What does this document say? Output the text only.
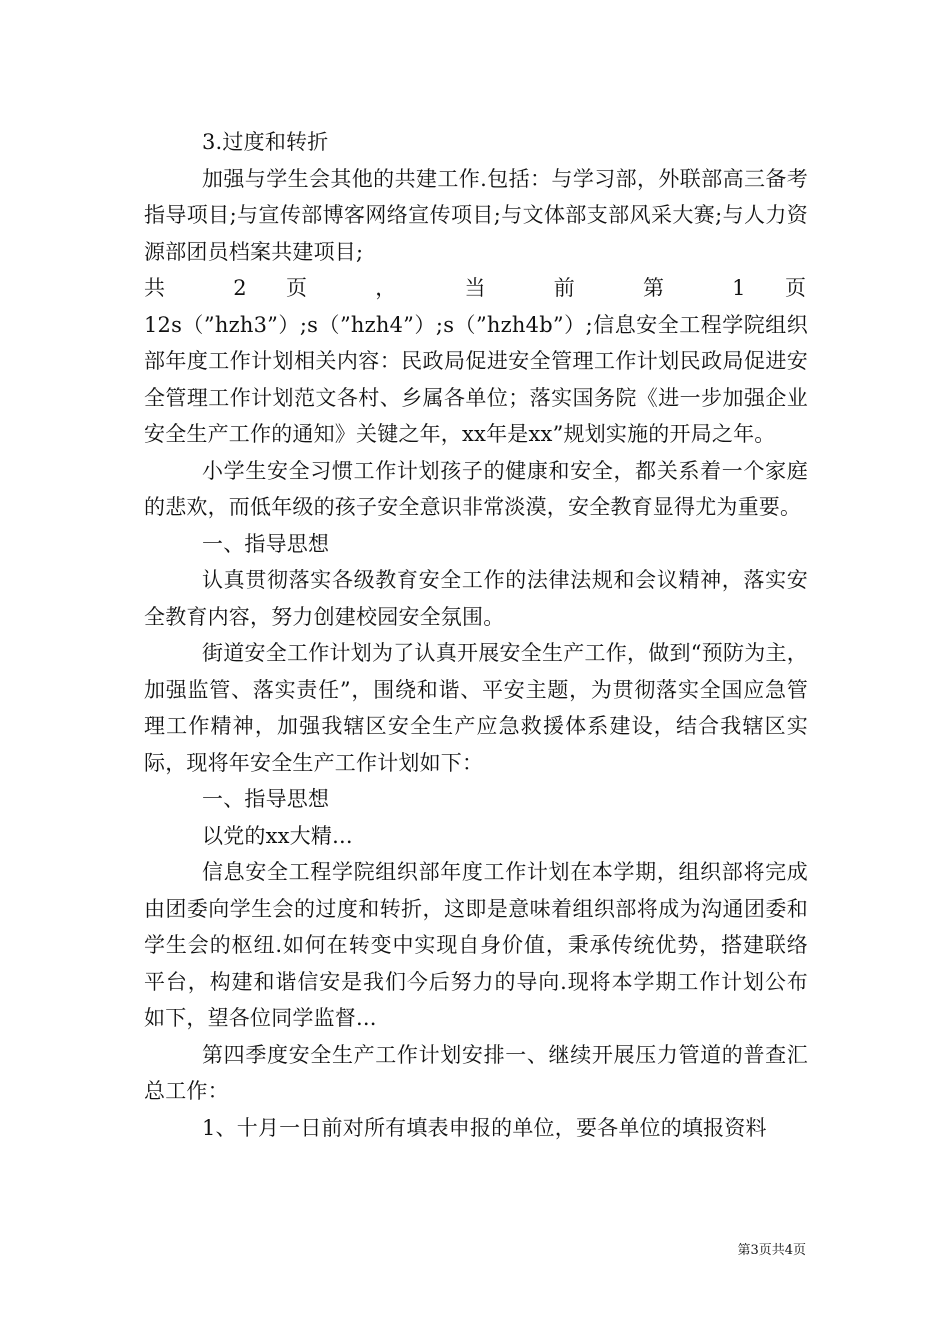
3.过度和转折

加强与学生会其他的共建工作.包括：与学习部，外联部高三备考指导项目;与宣传部博客网络宣传项目;与文体部支部风采大赛;与人力资源部团员档案共建项目;

共 2 页 ， 当 前 第 1 页

12s（”hzh3”）;s（”hzh4”）;s（”hzh4b”）;信息安全工程学院组织部年度工作计划相关内容：民政局促进安全管理工作计划民政局促进安全管理工作计划范文各村、乡属各单位；落实国务院《进一步加强企业安全生产工作的通知》关键之年，xx年是xx”规划实施的开局之年。

小学生安全习惯工作计划孩子的健康和安全，都关系着一个家庭的悲欢，而低年级的孩子安全意识非常淡漠，安全教育显得尤为重要。

一、指导思想

认真贯彻落实各级教育安全工作的法律法规和会议精神，落实安全教育内容，努力创建校园安全氛围。

街道安全工作计划为了认真开展安全生产工作，做到“预防为主，加强监管、落实责任”，围绕和谐、平安主题，为贯彻落实全国应急管理工作精神，加强我辖区安全生产应急救援体系建设，结合我辖区实际，现将年安全生产工作计划如下：

一、指导思想

以党的xx大精...

信息安全工程学院组织部年度工作计划在本学期，组织部将完成由团委向学生会的过度和转折，这即是意味着组织部将成为沟通团委和学生会的枢纽.如何在转变中实现自身价值，秉承传统优势，搭建联络平台，构建和谐信安是我们今后努力的导向.现将本学期工作计划公布如下，望各位同学监督...

第四季度安全生产工作计划安排一、继续开展压力管道的普查汇总工作：

1、十月一日前对所有填表申报的单位，要各单位的填报资料

第3页共4页
